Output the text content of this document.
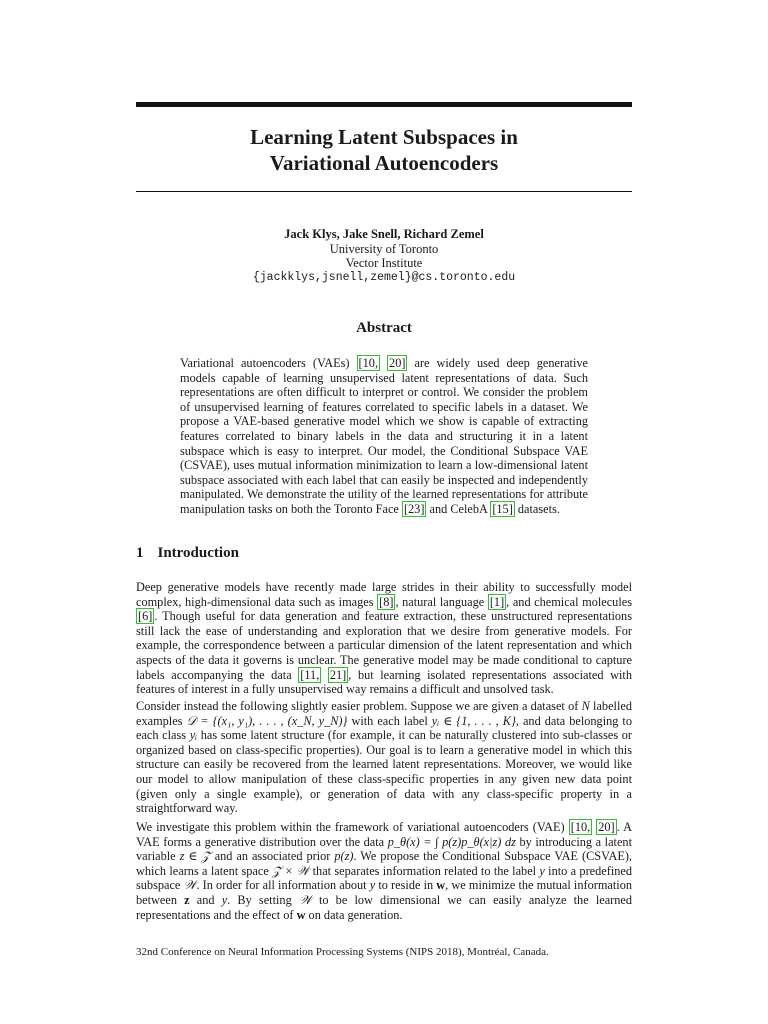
Learning Latent Subspaces in
Variational Autoencoders
Jack Klys, Jake Snell, Richard Zemel
University of Toronto
Vector Institute
{jackklys,jsnell,zemel}@cs.toronto.edu
Abstract
Variational autoencoders (VAEs) [10, 20] are widely used deep generative models capable of learning unsupervised latent representations of data. Such representations are often difficult to interpret or control. We consider the problem of unsupervised learning of features correlated to specific labels in a dataset. We propose a VAE-based generative model which we show is capable of extracting features correlated to binary labels in the data and structuring it in a latent subspace which is easy to interpret. Our model, the Conditional Subspace VAE (CSVAE), uses mutual information minimization to learn a low-dimensional latent subspace associated with each label that can easily be inspected and independently manipulated. We demonstrate the utility of the learned representations for attribute manipulation tasks on both the Toronto Face [23] and CelebA [15] datasets.
1 Introduction
Deep generative models have recently made large strides in their ability to successfully model complex, high-dimensional data such as images [8] , natural language [1] , and chemical molecules [6] . Though useful for data generation and feature extraction, these unstructured representations still lack the ease of understanding and exploration that we desire from generative models. For example, the correspondence between a particular dimension of the latent representation and which aspects of the data it governs is unclear. The generative model may be made conditional to capture labels accompanying the data [11, 21] , but learning isolated representations associated with features of interest in a fully unsupervised way remains a difficult and unsolved task.
Consider instead the following slightly easier problem. Suppose we are given a dataset of N labelled examples 𝒟 = {(x₁, y₁), . . . , (x_N, y_N)} with each label yᵢ ∈ {1, . . . , K}, and data belonging to each class yᵢ has some latent structure (for example, it can be naturally clustered into sub-classes or organized based on class-specific properties). Our goal is to learn a generative model in which this structure can easily be recovered from the learned latent representations. Moreover, we would like our model to allow manipulation of these class-specific properties in any given new data point (given only a single example), or generation of data with any class-specific property in a straightforward way.
We investigate this problem within the framework of variational autoencoders (VAE) [10, 20] . A VAE forms a generative distribution over the data p_θ(x) = ∫ p(z)p_θ(x|z) dz by introducing a latent variable z ∈ 𝒵 and an associated prior p(z). We propose the Conditional Subspace VAE (CSVAE), which learns a latent space 𝒵 × 𝒲 that separates information related to the label y into a predefined subspace 𝒲. In order for all information about y to reside in w, we minimize the mutual information between z and y. By setting 𝒲 to be low dimensional we can easily analyze the learned representations and the effect of w on data generation.
32nd Conference on Neural Information Processing Systems (NIPS 2018), Montréal, Canada.
